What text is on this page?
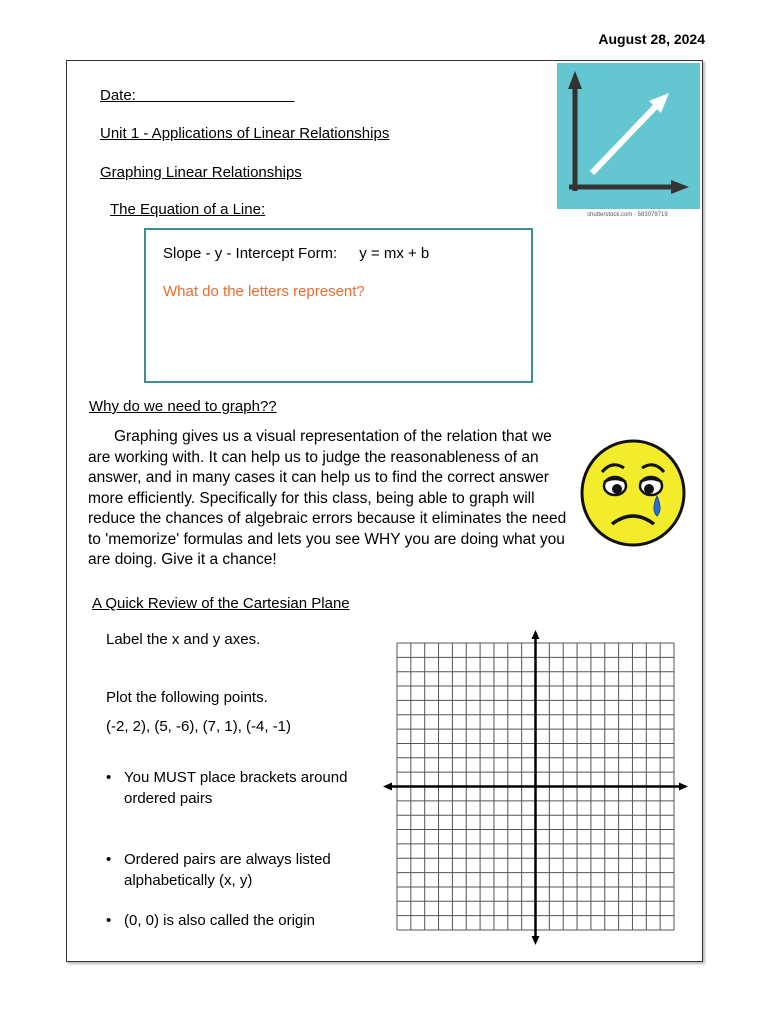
August 28, 2024
Date:
Unit 1 - Applications of Linear Relationships
Graphing Linear Relationships
The Equation of a Line:	shutterstock.com · 583079719
Slope - y - Intercept Form: y = mx + b
What do the letters represent?
Why do we need to graph??

Graphing gives us a visual representation of the relation that we are working with. It can help us to judge the reasonableness of an answer, and in many cases it can help us to find the correct answer more efficiently. Specifically for this class, being able to graph will reduce the chances of algebraic errors because it eliminates the need to 'memorize' formulas and lets you see WHY you are doing what you are doing. Give it a chance!

A Quick Review of the Cartesian Plane
Label the x and y axes.
Plot the following points.
(-2, 2), (5, -6), (7, 1), (-4, -1)
• You MUST place brackets around ordered pairs
• Ordered pairs are always listed alphabetically (x, y)
• (0, 0) is also called the origin
